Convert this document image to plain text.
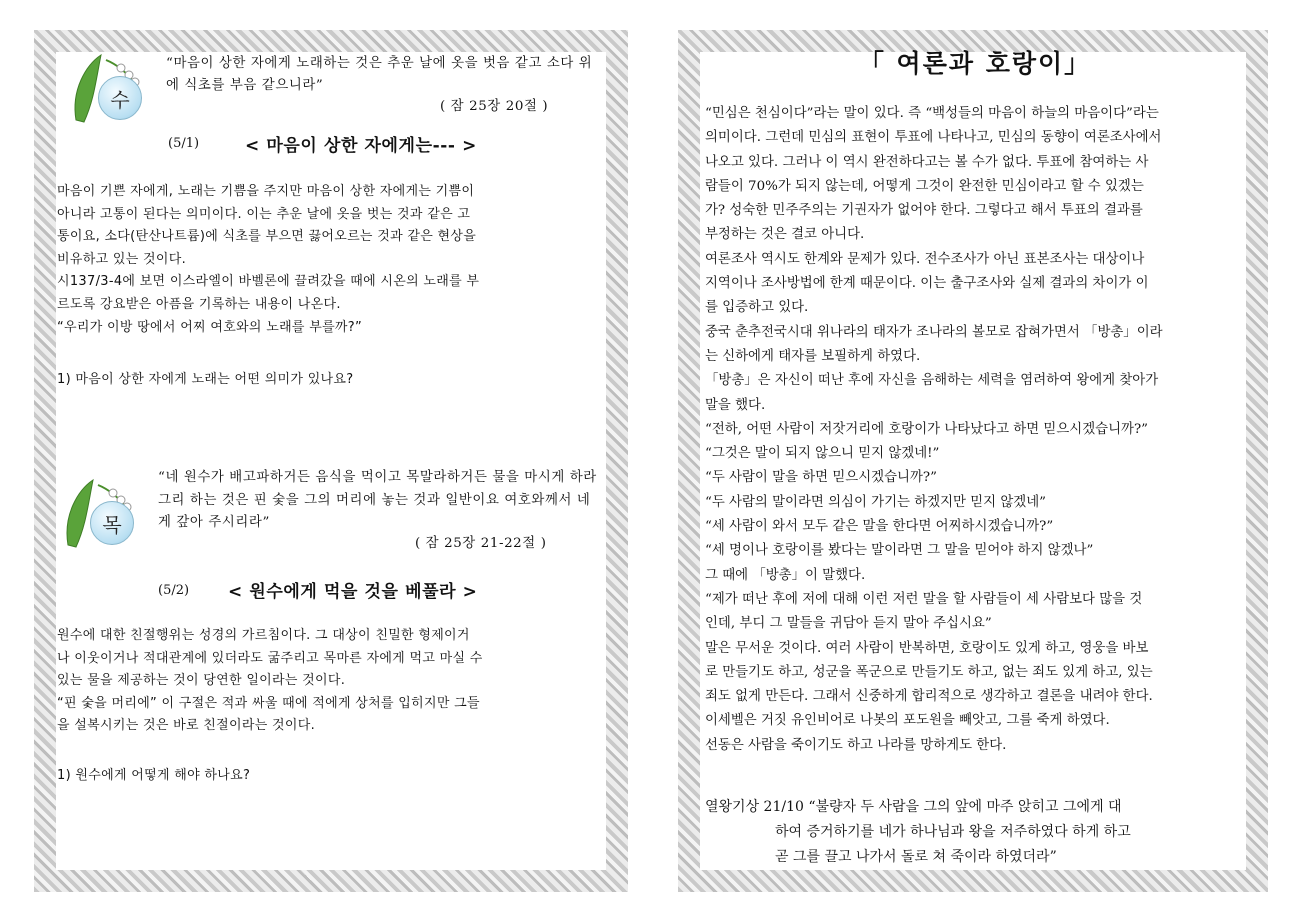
수
“마음이 상한 자에게 노래하는 것은 추운 날에 옷을 벗음 같고 소다 위에 식초를 부음 같으니라”
( 잠 25장 20절 )
(5/1)	< 마음이 상한 자에게는--- >
마음이 기쁜 자에게, 노래는 기쁨을 주지만 마음이 상한 자에게는 기쁨이
아니라 고통이 된다는 의미이다. 이는 추운 날에 옷을 벗는 것과 같은 고
통이요, 소다(탄산나트륨)에 식초를 부으면 끓어오르는 것과 같은 현상을
비유하고 있는 것이다.
시137/3-4에 보면 이스라엘이 바벨론에 끌려갔을 때에 시온의 노래를 부
르도록 강요받은 아픔을 기록하는 내용이 나온다.
“우리가 이방 땅에서 어찌 여호와의 노래를 부를까?”
1) 마음이 상한 자에게 노래는 어떤 의미가 있나요?
목
“네 원수가 배고파하거든 음식을 먹이고 목말라하거든 물을 마시게 하라 그리 하는 것은 핀 숯을 그의 머리에 놓는 것과 일반이요 여호와께서 네게 갚아 주시리라”
( 잠 25장 21-22절 )
(5/2) < 원수에게 먹을 것을 베풀라 >
원수에 대한 친절행위는 성경의 가르침이다. 그 대상이 친밀한 형제이거
나 이웃이거나 적대관계에 있더라도 굶주리고 목마른 자에게 먹고 마실 수
있는 물을 제공하는 것이 당연한 일이라는 것이다.
“핀 숯을 머리에” 이 구절은 적과 싸울 때에 적에게 상처를 입히지만 그들
을 설복시키는 것은 바로 친절이라는 것이다.
1) 원수에게 어떻게 해야 하나요?
「 여론과 호랑이」

“민심은 천심이다”라는 말이 있다. 즉 “백성들의 마음이 하늘의 마음이다”라는

의미이다. 그런데 민심의 표현이 투표에 나타나고, 민심의 동향이 여론조사에서

나오고 있다. 그러나 이 역시 완전하다고는 볼 수가 없다. 투표에 참여하는 사

람들이 70%가 되지 않는데, 어떻게 그것이 완전한 민심이라고 할 수 있겠는

가? 성숙한 민주주의는 기권자가 없어야 한다. 그렇다고 해서 투표의 결과를

부정하는 것은 결코 아니다.

여론조사 역시도 한계와 문제가 있다. 전수조사가 아닌 표본조사는 대상이나

지역이나 조사방법에 한계 때문이다. 이는 출구조사와 실제 결과의 차이가 이

를 입증하고 있다.

중국 춘추전국시대 위나라의 태자가 조나라의 볼모로 잡혀가면서 「방총」이라

는 신하에게 태자를 보필하게 하였다.

「방총」은 자신이 떠난 후에 자신을 음해하는 세력을 염려하여 왕에게 찾아가

말을 했다.

“전하, 어떤 사람이 저잣거리에 호랑이가 나타났다고 하면 믿으시겠습니까?”

“그것은 말이 되지 않으니 믿지 않겠네!”

“두 사람이 말을 하면 믿으시겠습니까?”

“두 사람의 말이라면 의심이 가기는 하겠지만 믿지 않겠네”

“세 사람이 와서 모두 같은 말을 한다면 어찌하시겠습니까?”

“세 명이나 호랑이를 봤다는 말이라면 그 말을 믿어야 하지 않겠나”

그 때에 「방총」이 말했다.

“제가 떠난 후에 저에 대해 이런 저런 말을 할 사람들이 세 사람보다 많을 것

인데, 부디 그 말들을 귀담아 듣지 말아 주십시요”

말은 무서운 것이다. 여러 사람이 반복하면, 호랑이도 있게 하고, 영웅을 바보

로 만들기도 하고, 성군을 폭군으로 만들기도 하고, 없는 죄도 있게 하고, 있는

죄도 없게 만든다. 그래서 신중하게 합리적으로 생각하고 결론을 내려야 한다.

이세벨은 거짓 유인비어로 나봇의 포도원을 빼앗고, 그를 죽게 하였다.

선동은 사람을 죽이기도 하고 나라를 망하게도 한다.

열왕기상 21/10 “불량자 두 사람을 그의 앞에 마주 앉히고 그에게 대
하여 증거하기를 네가 하나님과 왕을 저주하였다 하게 하고
곧 그를 끌고 나가서 돌로 쳐 죽이라 하였더라”
